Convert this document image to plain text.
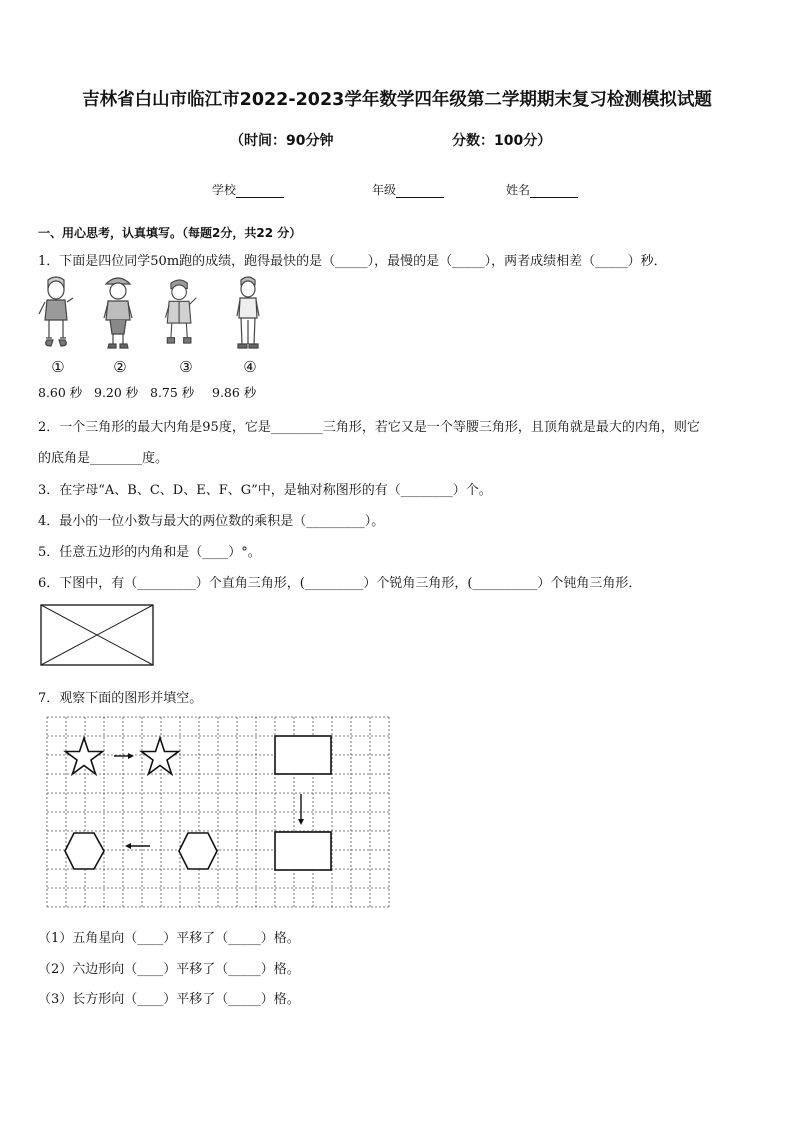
吉林省白山市临江市2022-2023学年数学四年级第二学期期末复习检测模拟试题
（时间：90分钟	分数：100分）
学校	年级	姓名
一、用心思考，认真填写。（每题2分，共22 分）
1．下面是四位同学50m跑的成绩，跑得最快的是（_____），最慢的是（_____），两者成绩相差（_____）秒．
①	②	③	④
8.60 秒 9.20 秒 8.75 秒 9.86 秒
2．一个三角形的最大内角是95度，它是________三角形，若它又是一个等腰三角形，且顶角就是最大的内角，则它
的底角是________度。
3．在字母“A、B、C、D、E、F、G”中，是轴对称图形的有（________）个。
4．最小的一位小数与最大的两位数的乘积是（_________）。
5．任意五边形的内角和是（____）°。
6．下图中，有（_________）个直角三角形，(_________）个锐角三角形，(__________）个钝角三角形．
7．观察下面的图形并填空。
（1）五角星向（____）平移了（_____）格。
（2）六边形向（____）平移了（_____）格。
（3）长方形向（____）平移了（_____）格。
